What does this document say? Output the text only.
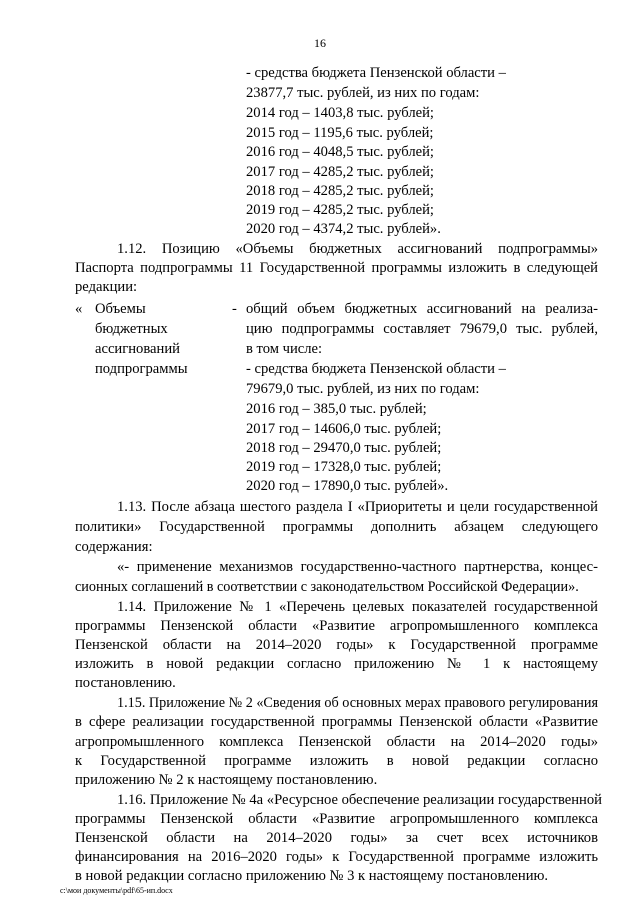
16
- средства бюджета Пензенской области –
23877,7 тыс. рублей, из них по годам:
2014 год – 1403,8 тыс. рублей;
2015 год – 1195,6 тыс. рублей;
2016 год – 4048,5 тыс. рублей;
2017 год – 4285,2 тыс. рублей;
2018 год – 4285,2 тыс. рублей;
2019 год – 4285,2 тыс. рублей;
2020 год – 4374,2 тыс. рублей».
1.12. Позицию «Объемы бюджетных ассигнований подпрограммы»
Паспорта подпрограммы 11 Государственной программы изложить в следующей
редакции:
« Объемы
бюджетных
ассигнований
подпрограммы
- общий объем бюджетных ассигнований на реализа-
цию подпрограммы составляет 79679,0 тыс. рублей,
в том числе:
- средства бюджета Пензенской области –
79679,0 тыс. рублей, из них по годам:
2016 год – 385,0 тыс. рублей;
2017 год – 14606,0 тыс. рублей;
2018 год – 29470,0 тыс. рублей;
2019 год – 17328,0 тыс. рублей;
2020 год – 17890,0 тыс. рублей».
1.13. После абзаца шестого раздела I «Приоритеты и цели государственной
политики» Государственной программы дополнить абзацем следующего
содержания:
«- применение механизмов государственно-частного партнерства, концес-
сионных соглашений в соответствии с законодательством Российской Федерации».
1.14. Приложение № 1 «Перечень целевых показателей государственной
программы Пензенской области «Развитие агропромышленного комплекса
Пензенской области на 2014–2020 годы» к Государственной программе
изложить в новой редакции согласно приложению № 1 к настоящему
постановлению.
1.15. Приложение № 2 «Сведения об основных мерах правового регулирования
в сфере реализации государственной программы Пензенской области «Развитие
агропромышленного комплекса Пензенской области на 2014–2020 годы»
к Государственной программе изложить в новой редакции согласно
приложению № 2 к настоящему постановлению.
1.16. Приложение № 4а «Ресурсное обеспечение реализации государственной
программы Пензенской области «Развитие агропромышленного комплекса
Пензенской области на 2014–2020 годы» за счет всех источников
финансирования на 2016–2020 годы» к Государственной программе изложить
в новой редакции согласно приложению № 3 к настоящему постановлению.
c:\мои документы\pdf\65-ип.docx
